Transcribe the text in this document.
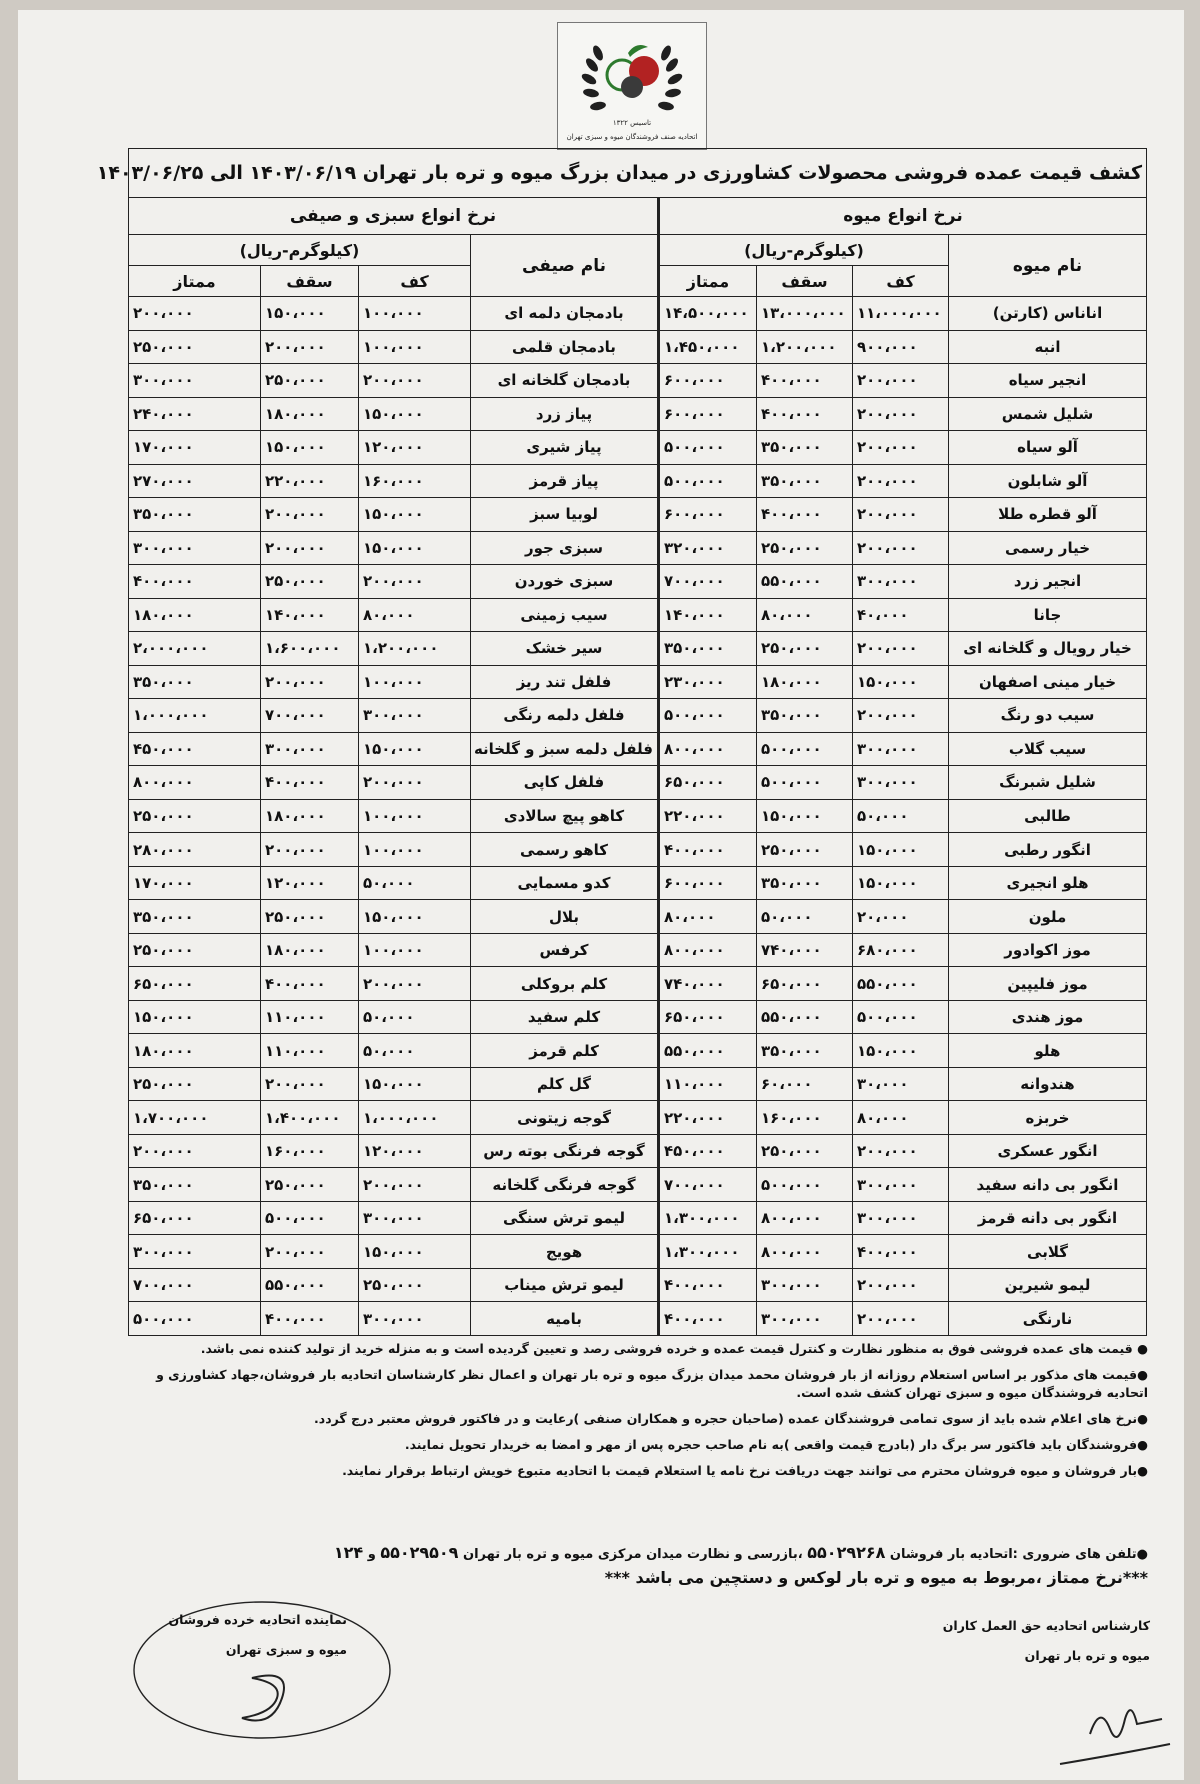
تاسیس ۱۳۲۲
اتحادیه صنف فروشندگان میوه و سبزی تهران
کشف قیمت عمده فروشی محصولات کشاورزی در میدان بزرگ میوه و تره بار تهران ۱۴۰۳/۰۶/۱۹ الی ۱۴۰۳/۰۶/۲۵							
نرخ انواع میوه				نرخ انواع سبزی و صیفی			
نام میوه	(کیلوگرم-ریال)			نام صیفی	(کیلوگرم-ریال)		
	کف	سقف	ممتاز		کف	سقف	ممتاز
اناناس (کارتن)	۱۱،۰۰۰،۰۰۰	۱۳،۰۰۰،۰۰۰	۱۴،۵۰۰،۰۰۰	بادمجان دلمه ای	۱۰۰،۰۰۰	۱۵۰،۰۰۰	۲۰۰،۰۰۰
انبه	۹۰۰،۰۰۰	۱،۲۰۰،۰۰۰	۱،۴۵۰،۰۰۰	بادمجان قلمی	۱۰۰،۰۰۰	۲۰۰،۰۰۰	۲۵۰،۰۰۰
انجیر سیاه	۲۰۰،۰۰۰	۴۰۰،۰۰۰	۶۰۰،۰۰۰	بادمجان گلخانه ای	۲۰۰،۰۰۰	۲۵۰،۰۰۰	۳۰۰،۰۰۰
شلیل شمس	۲۰۰،۰۰۰	۴۰۰،۰۰۰	۶۰۰،۰۰۰	پیاز زرد	۱۵۰،۰۰۰	۱۸۰،۰۰۰	۲۴۰،۰۰۰
آلو سیاه	۲۰۰،۰۰۰	۳۵۰،۰۰۰	۵۰۰،۰۰۰	پیاز شیری	۱۲۰،۰۰۰	۱۵۰،۰۰۰	۱۷۰،۰۰۰
آلو شابلون	۲۰۰،۰۰۰	۳۵۰،۰۰۰	۵۰۰،۰۰۰	پیاز قرمز	۱۶۰،۰۰۰	۲۲۰،۰۰۰	۲۷۰،۰۰۰
آلو قطره طلا	۲۰۰،۰۰۰	۴۰۰،۰۰۰	۶۰۰،۰۰۰	لوبیا سبز	۱۵۰،۰۰۰	۲۰۰،۰۰۰	۳۵۰،۰۰۰
خیار رسمی	۲۰۰،۰۰۰	۲۵۰،۰۰۰	۳۲۰،۰۰۰	سبزی جور	۱۵۰،۰۰۰	۲۰۰،۰۰۰	۳۰۰،۰۰۰
انجیر زرد	۳۰۰،۰۰۰	۵۵۰،۰۰۰	۷۰۰،۰۰۰	سبزی خوردن	۲۰۰،۰۰۰	۲۵۰،۰۰۰	۴۰۰،۰۰۰
جانا	۴۰،۰۰۰	۸۰،۰۰۰	۱۴۰،۰۰۰	سیب زمینی	۸۰،۰۰۰	۱۴۰،۰۰۰	۱۸۰،۰۰۰
خیار رویال و گلخانه ای	۲۰۰،۰۰۰	۲۵۰،۰۰۰	۳۵۰،۰۰۰	سیر خشک	۱،۲۰۰،۰۰۰	۱،۶۰۰،۰۰۰	۲،۰۰۰،۰۰۰
خیار مینی اصفهان	۱۵۰،۰۰۰	۱۸۰،۰۰۰	۲۳۰،۰۰۰	فلفل تند ریز	۱۰۰،۰۰۰	۲۰۰،۰۰۰	۳۵۰،۰۰۰
سیب دو رنگ	۲۰۰،۰۰۰	۳۵۰،۰۰۰	۵۰۰،۰۰۰	فلفل دلمه رنگی	۳۰۰،۰۰۰	۷۰۰،۰۰۰	۱،۰۰۰،۰۰۰
سیب گلاب	۳۰۰،۰۰۰	۵۰۰،۰۰۰	۸۰۰،۰۰۰	فلفل دلمه سبز و گلخانه	۱۵۰،۰۰۰	۳۰۰،۰۰۰	۴۵۰،۰۰۰
شلیل شبرنگ	۳۰۰،۰۰۰	۵۰۰،۰۰۰	۶۵۰،۰۰۰	فلفل کاپی	۲۰۰،۰۰۰	۴۰۰،۰۰۰	۸۰۰،۰۰۰
طالبی	۵۰،۰۰۰	۱۵۰،۰۰۰	۲۲۰،۰۰۰	کاهو پیچ سالادی	۱۰۰،۰۰۰	۱۸۰،۰۰۰	۲۵۰،۰۰۰
انگور رطبی	۱۵۰،۰۰۰	۲۵۰،۰۰۰	۴۰۰،۰۰۰	کاهو رسمی	۱۰۰،۰۰۰	۲۰۰،۰۰۰	۲۸۰،۰۰۰
هلو انجیری	۱۵۰،۰۰۰	۳۵۰،۰۰۰	۶۰۰،۰۰۰	کدو مسمایی	۵۰،۰۰۰	۱۲۰،۰۰۰	۱۷۰،۰۰۰
ملون	۲۰،۰۰۰	۵۰،۰۰۰	۸۰،۰۰۰	بلال	۱۵۰،۰۰۰	۲۵۰،۰۰۰	۳۵۰،۰۰۰
موز اکوادور	۶۸۰،۰۰۰	۷۴۰،۰۰۰	۸۰۰،۰۰۰	کرفس	۱۰۰،۰۰۰	۱۸۰،۰۰۰	۲۵۰،۰۰۰
موز فلیپین	۵۵۰،۰۰۰	۶۵۰،۰۰۰	۷۴۰،۰۰۰	کلم بروکلی	۲۰۰،۰۰۰	۴۰۰،۰۰۰	۶۵۰،۰۰۰
موز هندی	۵۰۰،۰۰۰	۵۵۰،۰۰۰	۶۵۰،۰۰۰	کلم سفید	۵۰،۰۰۰	۱۱۰،۰۰۰	۱۵۰،۰۰۰
هلو	۱۵۰،۰۰۰	۳۵۰،۰۰۰	۵۵۰،۰۰۰	کلم قرمز	۵۰،۰۰۰	۱۱۰،۰۰۰	۱۸۰،۰۰۰
هندوانه	۳۰،۰۰۰	۶۰،۰۰۰	۱۱۰،۰۰۰	گل کلم	۱۵۰،۰۰۰	۲۰۰،۰۰۰	۲۵۰،۰۰۰
خربزه	۸۰،۰۰۰	۱۶۰،۰۰۰	۲۲۰،۰۰۰	گوجه زیتونی	۱،۰۰۰،۰۰۰	۱،۴۰۰،۰۰۰	۱،۷۰۰،۰۰۰
انگور عسکری	۲۰۰،۰۰۰	۲۵۰،۰۰۰	۴۵۰،۰۰۰	گوجه فرنگی بوته رس	۱۲۰،۰۰۰	۱۶۰،۰۰۰	۲۰۰،۰۰۰
انگور بی دانه سفید	۳۰۰،۰۰۰	۵۰۰،۰۰۰	۷۰۰،۰۰۰	گوجه فرنگی گلخانه	۲۰۰،۰۰۰	۲۵۰،۰۰۰	۳۵۰،۰۰۰
انگور بی دانه قرمز	۳۰۰،۰۰۰	۸۰۰،۰۰۰	۱،۳۰۰،۰۰۰	لیمو ترش سنگی	۳۰۰،۰۰۰	۵۰۰،۰۰۰	۶۵۰،۰۰۰
گلابی	۴۰۰،۰۰۰	۸۰۰،۰۰۰	۱،۳۰۰،۰۰۰	هویج	۱۵۰،۰۰۰	۲۰۰،۰۰۰	۳۰۰،۰۰۰
لیمو شیرین	۲۰۰،۰۰۰	۳۰۰،۰۰۰	۴۰۰،۰۰۰	لیمو ترش میناب	۲۵۰،۰۰۰	۵۵۰،۰۰۰	۷۰۰،۰۰۰
نارنگی	۲۰۰،۰۰۰	۳۰۰،۰۰۰	۴۰۰،۰۰۰	بامیه	۳۰۰،۰۰۰	۴۰۰،۰۰۰	۵۰۰،۰۰۰

● قیمت های عمده فروشی فوق به منظور نظارت و کنترل قیمت عمده و خرده فروشی رصد و تعیین گردیده است و به منزله خرید از تولید کننده نمی باشد.

●قیمت های مذکور بر اساس استعلام روزانه از بار فروشان محمد میدان بزرگ میوه و تره بار تهران و اعمال نظر کارشناسان اتحادیه بار فروشان،جهاد کشاورزی و

اتحادیه فروشندگان میوه و سبزی تهران کشف شده است.

●نرخ های اعلام شده باید از سوی تمامی فروشندگان عمده (صاحبان حجره و همکاران صنفی )رعایت و در فاکتور فروش معتبر درج گردد.

●فروشندگان باید فاکتور سر برگ دار (بادرج قیمت واقعی )به نام صاحب حجره پس از مهر و امضا به خریدار تحویل نمایند.

●بار فروشان و میوه فروشان محترم می توانند جهت دریافت نرخ نامه یا استعلام قیمت با اتحادیه متبوع خویش ارتباط برقرار نمایند.

●تلفن های ضروری :اتحادیه بار فروشان ۵۵۰۲۹۲۶۸ ،بازرسی و نظارت میدان مرکزی میوه و تره بار تهران ۵۵۰۲۹۵۰۹ و ۱۲۴
***نرخ ممتاز ،مربوط به میوه و تره بار لوکس و دستچین می باشد ***
نماینده اتحادیه خرده فروشان
میوه و سبزی تهران
کارشناس اتحادیه حق العمل کاران
میوه و تره بار تهران
